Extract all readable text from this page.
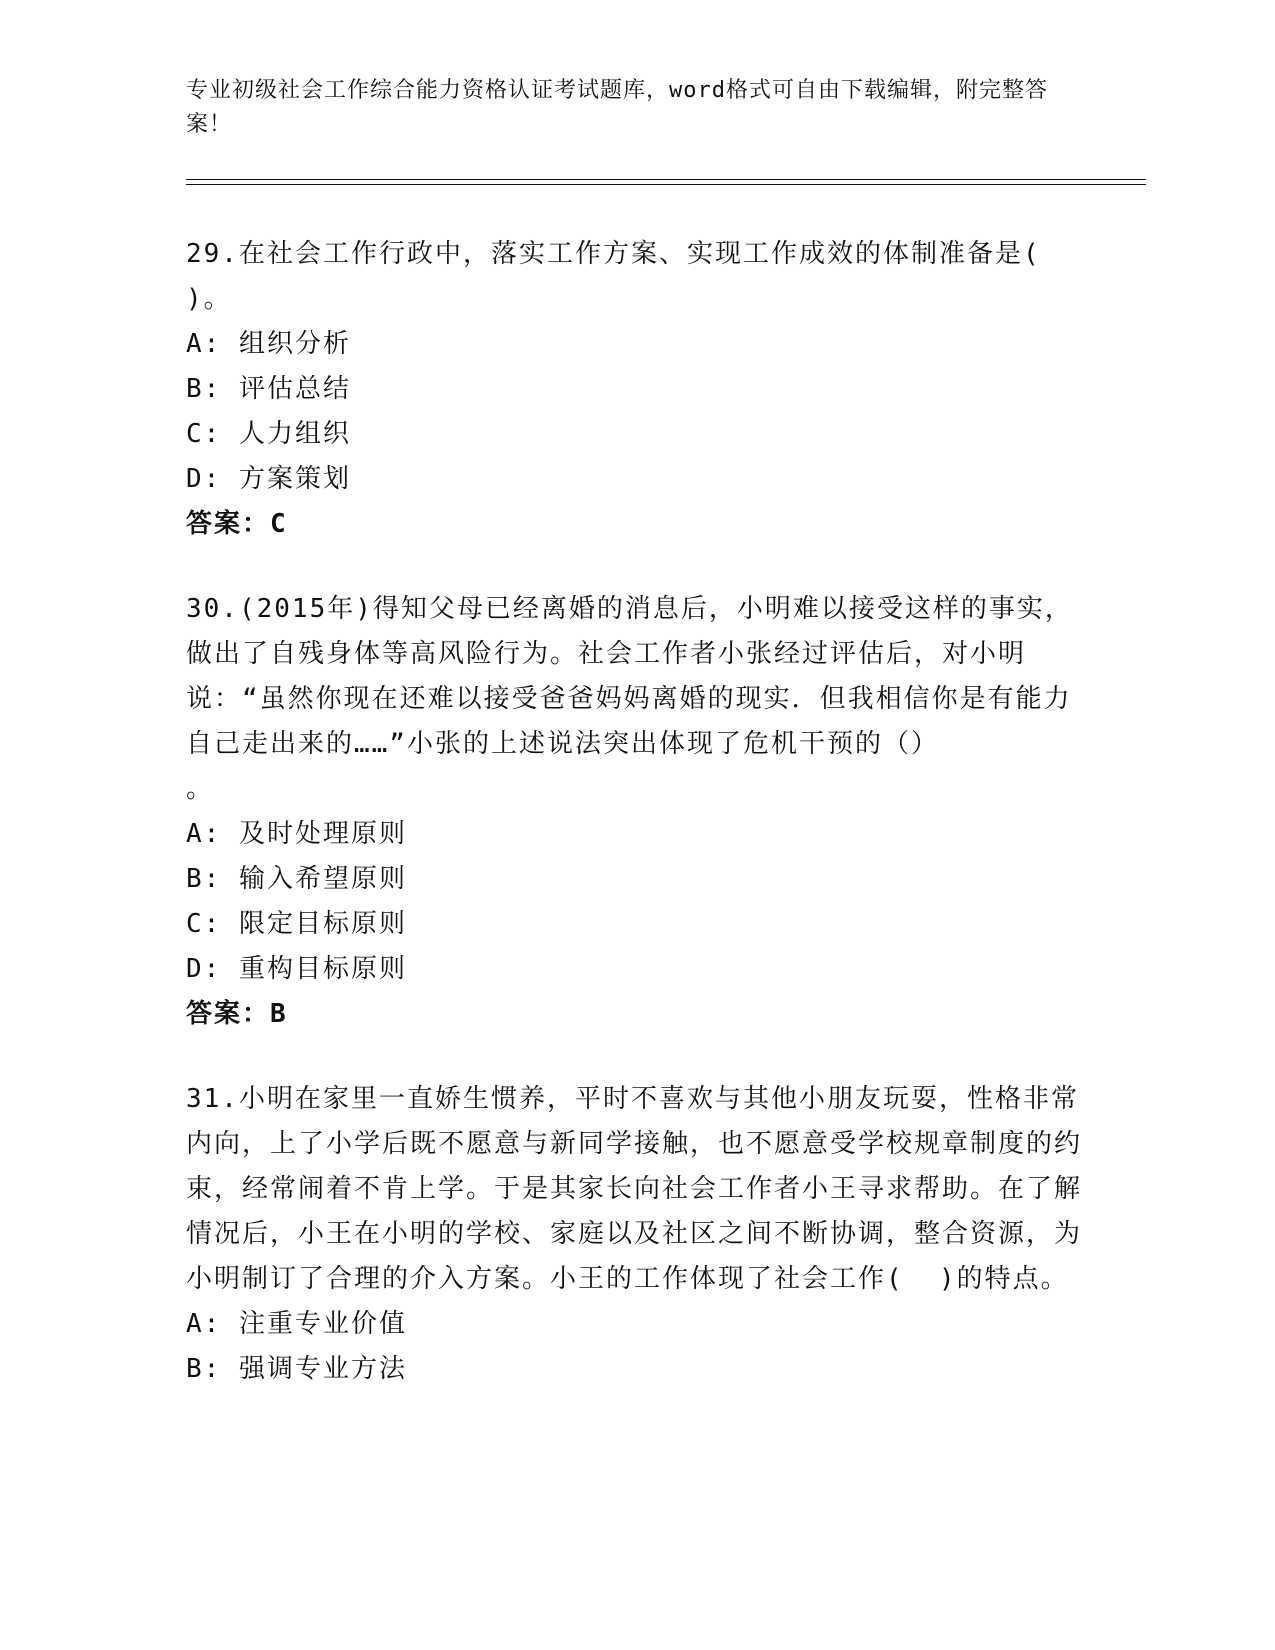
专业初级社会工作综合能力资格认证考试题库，word格式可自由下载编辑，附完整答案！

29.在社会工作行政中，落实工作方案、实现工作成效的体制准备是(
)。

A: 组织分析

B: 评估总结

C: 人力组织

D: 方案策划

答案：C

30.(2015年)得知父母已经离婚的消息后，小明难以接受这样的事实，做出了自残身体等高风险行为。社会工作者小张经过评估后，对小明说：“虽然你现在还难以接受爸爸妈妈离婚的现实．但我相信你是有能力自己走出来的……”小张的上述说法突出体现了危机干预的（）
。

A: 及时处理原则

B: 输入希望原则

C: 限定目标原则

D: 重构目标原则

答案：B

31.小明在家里一直娇生惯养，平时不喜欢与其他小朋友玩耍，性格非常内向，上了小学后既不愿意与新同学接触，也不愿意受学校规章制度的约束，经常闹着不肯上学。于是其家长向社会工作者小王寻求帮助。在了解情况后，小王在小明的学校、家庭以及社区之间不断协调，整合资源，为小明制订了合理的介入方案。小王的工作体现了社会工作(  )的特点。

A: 注重专业价值

B: 强调专业方法
